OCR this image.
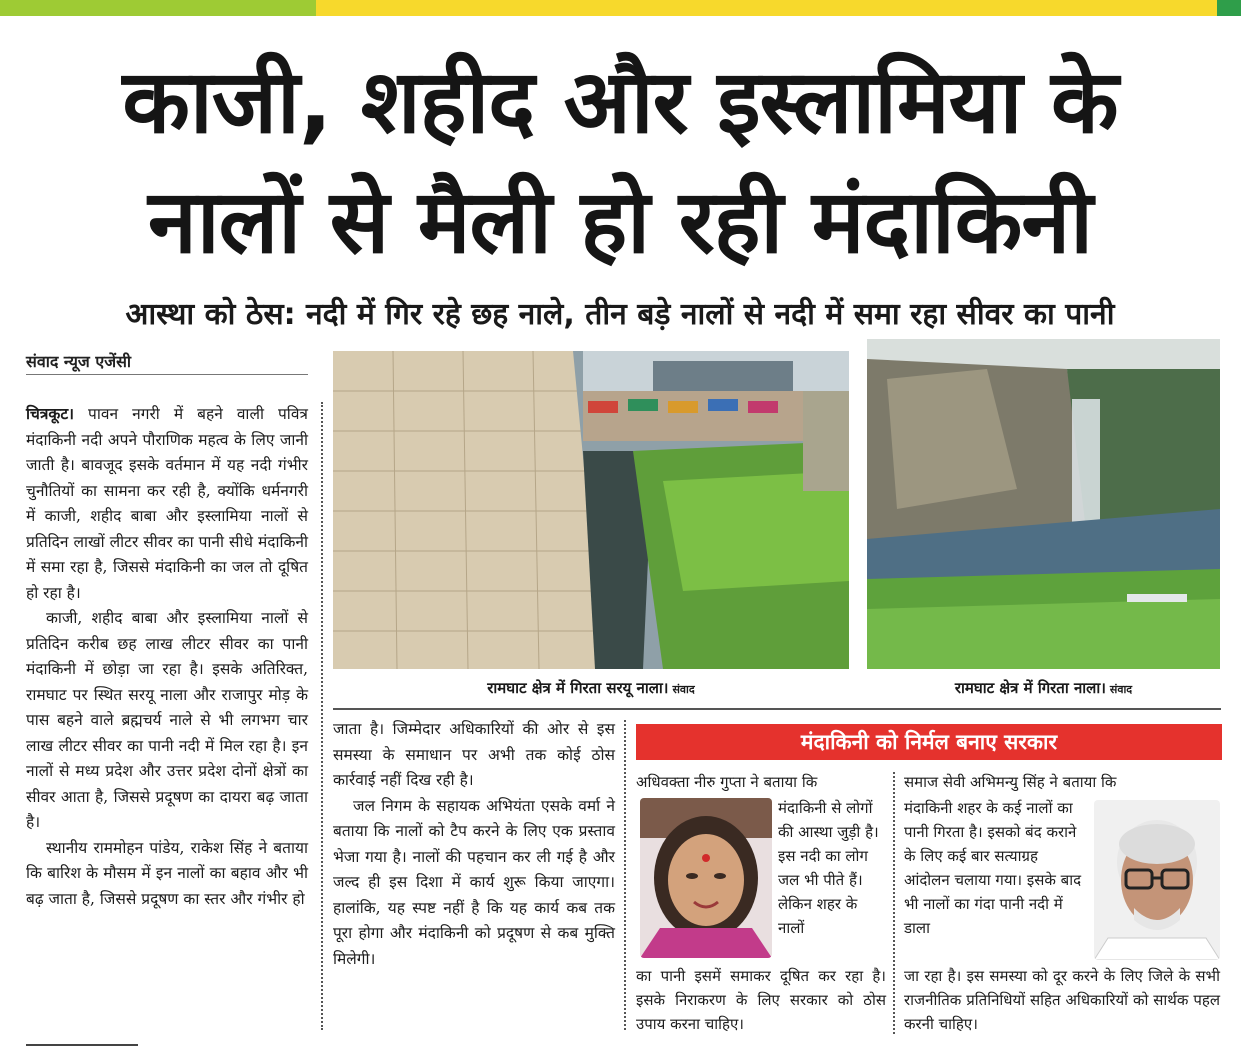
काजी, शहीद और इस्लामिया के
नालों से मैली हो रही मंदाकिनी
आस्था को ठेस: नदी में गिर रहे छह नाले, तीन बड़े नालों से नदी में समा रहा सीवर का पानी
संवाद न्यूज एजेंसी

चित्रकूट। पावन नगरी में बहने वाली पवित्र मंदाकिनी नदी अपने पौराणिक महत्व के लिए जानी जाती है। बावजूद इसके वर्तमान में यह नदी गंभीर चुनौतियों का सामना कर रही है, क्योंकि धर्मनगरी में काजी, शहीद बाबा और इस्लामिया नालों से प्रतिदिन लाखों लीटर सीवर का पानी सीधे मंदाकिनी में समा रहा है, जिससे मंदाकिनी का जल तो दूषित हो रहा है।

काजी, शहीद बाबा और इस्लामिया नालों से प्रतिदिन करीब छह लाख लीटर सीवर का पानी मंदाकिनी में छोड़ा जा रहा है। इसके अतिरिक्त, रामघाट पर स्थित सरयू नाला और राजापुर मोड़ के पास बहने वाले ब्रह्मचर्य नाले से भी लगभग चार लाख लीटर सीवर का पानी नदी में मिल रहा है। इन नालों से मध्य प्रदेश और उत्तर प्रदेश दोनों क्षेत्रों का सीवर आता है, जिससे प्रदूषण का दायरा बढ़ जाता है।

स्थानीय राममोहन पांडेय, राकेश सिंह ने बताया कि बारिश के मौसम में इन नालों का बहाव और भी बढ़ जाता है, जिससे प्रदूषण का स्तर और गंभीर हो

रामघाट क्षेत्र में गिरता सरयू नाला। संवाद	रामघाट क्षेत्र में गिरता नाला। संवाद

जाता है। जिम्मेदार अधिकारियों की ओर से इस समस्या के समाधान पर अभी तक कोई ठोस कार्रवाई नहीं दिख रही है।

जल निगम के सहायक अभियंता एसके वर्मा ने बताया कि नालों को टैप करने के लिए एक प्रस्ताव भेजा गया है। नालों की पहचान कर ली गई है और जल्द ही इस दिशा में कार्य शुरू किया जाएगा। हालांकि, यह स्पष्ट नहीं है कि यह कार्य कब तक पूरा होगा और मंदाकिनी को प्रदूषण से कब मुक्ति मिलेगी।

मंदाकिनी को निर्मल बनाए सरकार
अधिवक्ता नीरु गुप्ता ने बताया कि
मंदाकिनी से लोगों की आस्था जुड़ी है। इस नदी का लोग जल भी पीते हैं। लेकिन शहर के नालों
का पानी इसमें समाकर दूषित कर रहा है। इसके निराकरण के लिए सरकार को ठोस उपाय करना चाहिए।
समाज सेवी अभिमन्यु सिंह ने बताया कि
मंदाकिनी शहर के कई नालों का पानी गिरता है। इसको बंद कराने के लिए कई बार सत्याग्रह आंदोलन चलाया गया। इसके बाद भी नालों का गंदा पानी नदी में डाला
जा रहा है। इस समस्या को दूर करने के लिए जिले के सभी राजनीतिक प्रतिनिधियों सहित अधिकारियों को सार्थक पहल करनी चाहिए।
